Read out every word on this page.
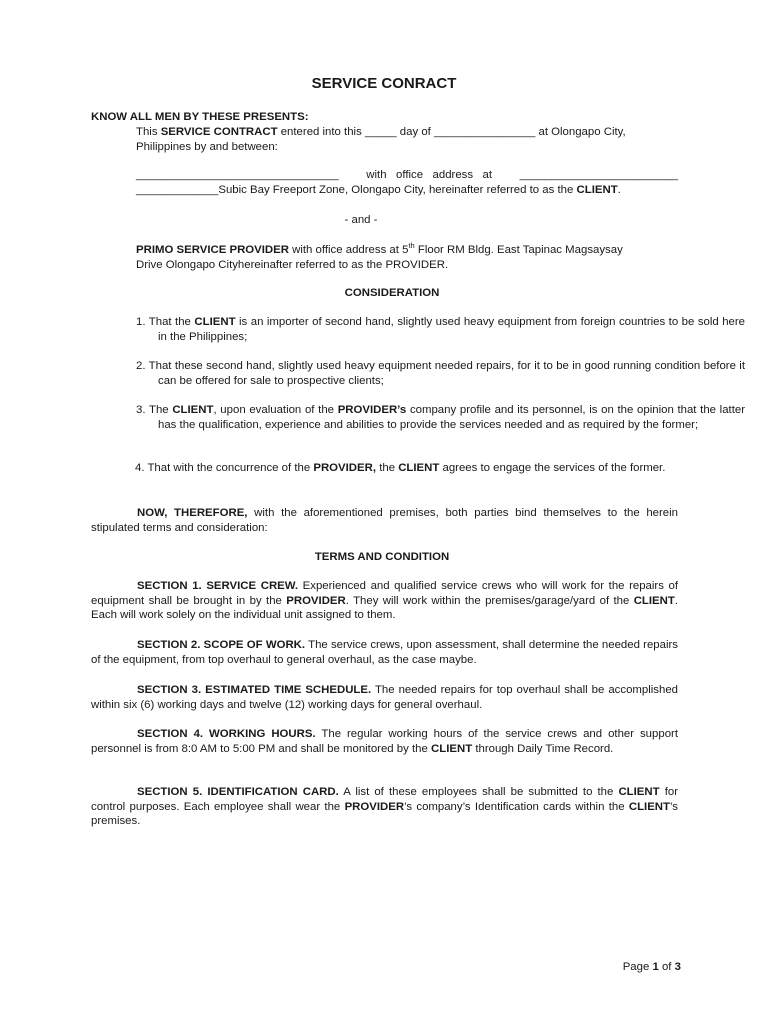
SERVICE CONRACT

KNOW ALL MEN BY THESE PRESENTS:

This SERVICE CONTRACT entered into this _____ day of ________________ at Olongapo City,
Philippines by and between:

________________________________ with   office   address   at _________________________

_____________Subic Bay Freeport Zone, Olongapo City, hereinafter referred to as the CLIENT.

- and -

PRIMO SERVICE PROVIDER with office address at 5th Floor RM Bldg. East Tapinac Magsaysay
Drive Olongapo Cityhereinafter referred to as the PROVIDER.

CONSIDERATION

1. That the CLIENT is an importer of second hand, slightly used heavy equipment from foreign countries to be sold here in the Philippines;

2. That these second hand, slightly used heavy equipment needed repairs, for it to be in good running condition before it can be offered for sale to prospective clients;

3. The CLIENT, upon evaluation of the PROVIDER’s company profile and its personnel, is on the opinion that the latter has the qualification, experience and abilities to provide the services needed and as required by the former;

4. That with the concurrence of the PROVIDER, the CLIENT agrees to engage the services of the former.

NOW, THEREFORE, with the aforementioned premises, both parties bind themselves to the herein stipulated terms and consideration:

TERMS AND CONDITION

SECTION 1. SERVICE CREW. Experienced and qualified service crews who will work for the repairs of equipment shall be brought in by the PROVIDER. They will work within the premises/garage/yard of the CLIENT. Each will work solely on the individual unit assigned to them.

SECTION 2. SCOPE OF WORK. The service crews, upon assessment, shall determine the needed repairs of the equipment, from top overhaul to general overhaul, as the case maybe.

SECTION 3. ESTIMATED TIME SCHEDULE. The needed repairs for top overhaul shall be accomplished within six (6) working days and twelve (12) working days for general overhaul.

SECTION 4. WORKING HOURS. The regular working hours of the service crews and other support personnel is from 8:0 AM to 5:00 PM and shall be monitored by the CLIENT through Daily Time Record.

SECTION 5. IDENTIFICATION CARD. A list of these employees shall be submitted to the CLIENT for control purposes. Each employee shall wear the PROVIDER’s company’s Identification cards within the CLIENT’s premises.

Page 1 of 3
